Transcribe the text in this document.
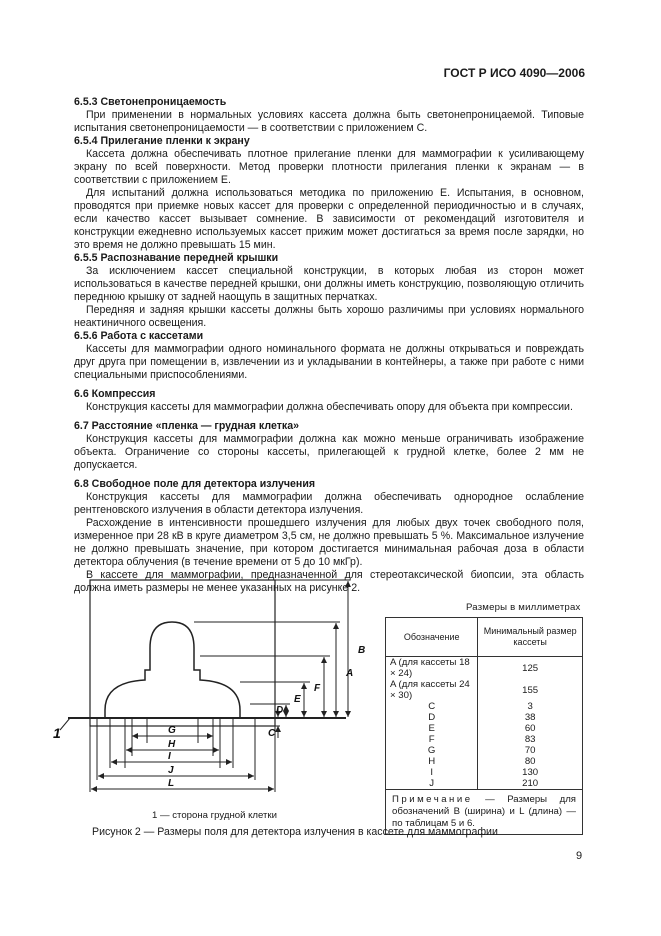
ГОСТ Р ИСО 4090—2006

6.5.3 Светонепроницаемость

При применении в нормальных условиях кассета должна быть светонепроницаемой. Типовые испытания светонепроницаемости — в соответствии с приложением С.

6.5.4 Прилегание пленки к экрану

Кассета должна обеспечивать плотное прилегание пленки для маммографии к усиливающему экрану по всей поверхности. Метод проверки плотности прилегания пленки к экранам — в соответствии с приложением Е.

Для испытаний должна использоваться методика по приложению Е. Испытания, в основном, проводятся при приемке новых кассет для проверки с определенной периодичностью и в случаях, если качество кассет вызывает сомнение. В зависимости от рекомендаций изготовителя и конструкции ежедневно используемых кассет прижим может достигаться за время после зарядки, но это время не должно превышать 15 мин.

6.5.5 Распознавание передней крышки

За исключением кассет специальной конструкции, в которых любая из сторон может использоваться в качестве передней крышки, они должны иметь конструкцию, позволяющую отличить переднюю крышку от задней наощупь в защитных перчатках.

Передняя и задняя крышки кассеты должны быть хорошо различимы при условиях нормального неактиничного освещения.

6.5.6 Работа с кассетами

Кассеты для маммографии одного номинального формата не должны открываться и повреждать друг друга при помещении в, извлечении из и укладывании в контейнеры, а также при работе с ними специальными приспособлениями.

6.6 Компрессия

Конструкция кассеты для маммографии должна обеспечивать опору для объекта при компрессии.

6.7 Расстояние «пленка — грудная клетка»

Конструкция кассеты для маммографии должна как можно меньше ограничивать изображение объекта. Ограничение со стороны кассеты, прилегающей к грудной клетке, более 2 мм не допускается.

6.8 Свободное поле для детектора излучения

Конструкция кассеты для маммографии должна обеспечивать однородное ослабление рентгеновского излучения в области детектора излучения.

Расхождение в интенсивности прошедшего излучения для любых двух точек свободного поля, измеренное при 28 кВ в круге диаметром 3,5 см, не должно превышать 5 %. Максимальное излучение не должно превышать значение, при котором достигается минимальная рабочая доза в области детектора облучения (в течение времени от 5 до 10 мкГр).

В кассете для маммографии, предназначенной для стереотаксической биопсии, эта область должна иметь размеры не менее указанных на рисунке 2.

1	G
H
I
J
L
B
A
F
E
D
C
Размеры в миллиметрах
Обозначение	Минимальный размер кассеты
A (для кассеты 18 × 24)	125
A (для кассеты 24 × 30)	155
C	3
D	38
E	60
F	83
G	70
H	80
I	130
J	210
Примечание — Размеры для обозначений B (ширина) и L (длина) — по таблицам 5 и 6.	
1 — сторона грудной клетки
Рисунок 2 — Размеры поля для детектора излучения в кассете для маммографии
9
